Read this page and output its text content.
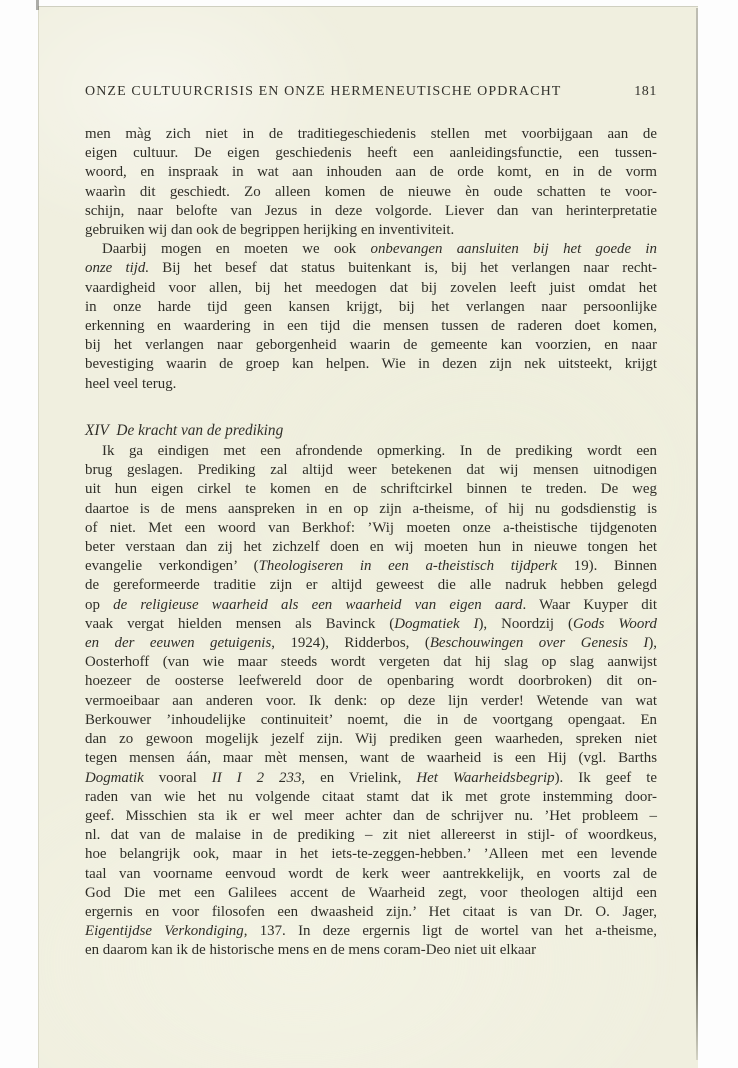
ONZE CULTUURCRISIS EN ONZE HERMENEUTISCHE OPDRACHT	181
men màg zich niet in de traditiegeschiedenis stellen met voorbijgaan aan de
eigen cultuur. De eigen geschiedenis heeft een aanleidingsfunctie, een tussen-
woord, en inspraak in wat aan inhouden aan de orde komt, en in de vorm
waarìn dit geschiedt. Zo alleen komen de nieuwe èn oude schatten te voor-
schijn, naar belofte van Jezus in deze volgorde. Liever dan van herinterpretatie
gebruiken wij dan ook de begrippen herijking en inventiviteit.
Daarbij mogen en moeten we ook onbevangen aansluiten bij het goede in
onze tijd. Bij het besef dat status buitenkant is, bij het verlangen naar recht-
vaardigheid voor allen, bij het meedogen dat bij zovelen leeft juist omdat het
in onze harde tijd geen kansen krijgt, bij het verlangen naar persoonlijke
erkenning en waardering in een tijd die mensen tussen de raderen doet komen,
bij het verlangen naar geborgenheid waarin de gemeente kan voorzien, en naar
bevestiging waarin de groep kan helpen. Wie in dezen zijn nek uitsteekt, krijgt
heel veel terug.
XIV De kracht van de prediking
Ik ga eindigen met een afrondende opmerking. In de prediking wordt een
brug geslagen. Prediking zal altijd weer betekenen dat wij mensen uitnodigen
uit hun eigen cirkel te komen en de schriftcirkel binnen te treden. De weg
daartoe is de mens aanspreken in en op zijn a-theisme, of hij nu godsdienstig is
of niet. Met een woord van Berkhof: ’Wij moeten onze a-theistische tijdgenoten
beter verstaan dan zij het zichzelf doen en wij moeten hun in nieuwe tongen het
evangelie verkondigen’ (Theologiseren in een a-theistisch tijdperk 19). Binnen
de gereformeerde traditie zijn er altijd geweest die alle nadruk hebben gelegd
op de religieuse waarheid als een waarheid van eigen aard. Waar Kuyper dit
vaak vergat hielden mensen als Bavinck (Dogmatiek I), Noordzij (Gods Woord
en der eeuwen getuigenis, 1924), Ridderbos, (Beschouwingen over Genesis I),
Oosterhoff (van wie maar steeds wordt vergeten dat hij slag op slag aanwijst
hoezeer de oosterse leefwereld door de openbaring wordt doorbroken) dit on-
vermoeibaar aan anderen voor. Ik denk: op deze lijn verder! Wetende van wat
Berkouwer ’inhoudelijke continuiteit’ noemt, die in de voortgang opengaat. En
dan zo gewoon mogelijk jezelf zijn. Wij prediken geen waarheden, spreken niet
tegen mensen áán, maar mèt mensen, want de waarheid is een Hij (vgl. Barths
Dogmatik vooral II I 2 233, en Vrielink, Het Waarheidsbegrip). Ik geef te
raden van wie het nu volgende citaat stamt dat ik met grote instemming door-
geef. Misschien sta ik er wel meer achter dan de schrijver nu. ’Het probleem –
nl. dat van de malaise in de prediking – zit niet allereerst in stijl- of woordkeus,
hoe belangrijk ook, maar in het iets-te-zeggen-hebben.’ ’Alleen met een levende
taal van voorname eenvoud wordt de kerk weer aantrekkelijk, en voorts zal de
God Die met een Galilees accent de Waarheid zegt, voor theologen altijd een
ergernis en voor filosofen een dwaasheid zijn.’ Het citaat is van Dr. O. Jager,
Eigentijdse Verkondiging, 137. In deze ergernis ligt de wortel van het a-theisme,
en daarom kan ik de historische mens en de mens coram-Deo niet uit elkaar
